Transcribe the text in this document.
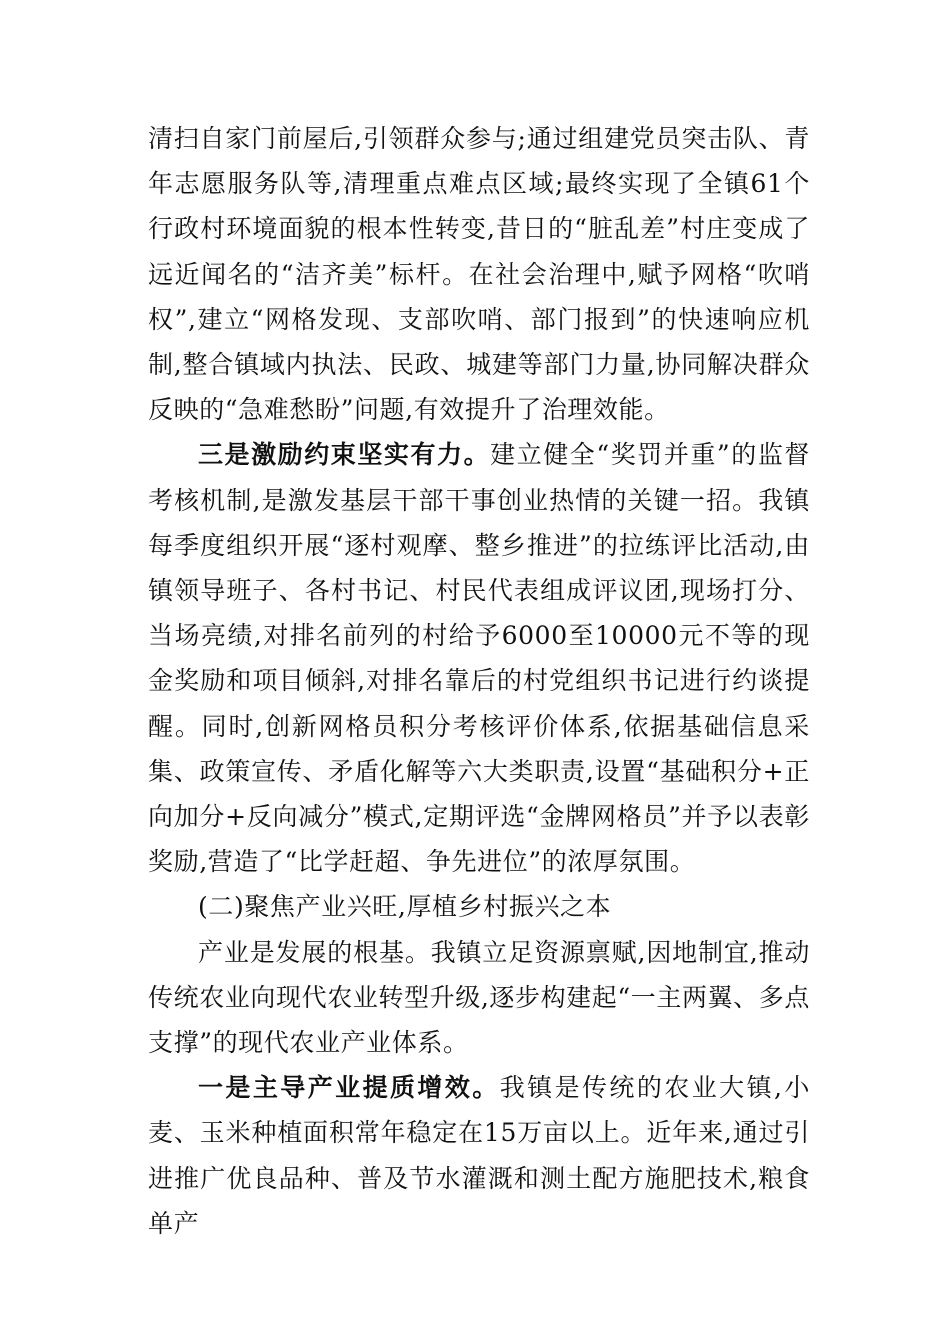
清扫自家门前屋后,引领群众参与;通过组建党员突击队、青年志愿服务队等,清理重点难点区域;最终实现了全镇61个行政村环境面貌的根本性转变,昔日的“脏乱差”村庄变成了远近闻名的“洁齐美”标杆。在社会治理中,赋予网格“吹哨权”,建立“网格发现、支部吹哨、部门报到”的快速响应机制,整合镇域内执法、民政、城建等部门力量,协同解决群众反映的“急难愁盼”问题,有效提升了治理效能。

三是激励约束坚实有力。建立健全“奖罚并重”的监督考核机制,是激发基层干部干事创业热情的关键一招。我镇每季度组织开展“逐村观摩、整乡推进”的拉练评比活动,由镇领导班子、各村书记、村民代表组成评议团,现场打分、当场亮绩,对排名前列的村给予6000至10000元不等的现金奖励和项目倾斜,对排名靠后的村党组织书记进行约谈提醒。同时,创新网格员积分考核评价体系,依据基础信息采集、政策宣传、矛盾化解等六大类职责,设置“基础积分+正向加分+反向减分”模式,定期评选“金牌网格员”并予以表彰奖励,营造了“比学赶超、争先进位”的浓厚氛围。

(二)聚焦产业兴旺,厚植乡村振兴之本

产业是发展的根基。我镇立足资源禀赋,因地制宜,推动传统农业向现代农业转型升级,逐步构建起“一主两翼、多点支撑”的现代农业产业体系。

一是主导产业提质增效。我镇是传统的农业大镇,小麦、玉米种植面积常年稳定在15万亩以上。近年来,通过引进推广优良品种、普及节水灌溉和测土配方施肥技术,粮食单产
